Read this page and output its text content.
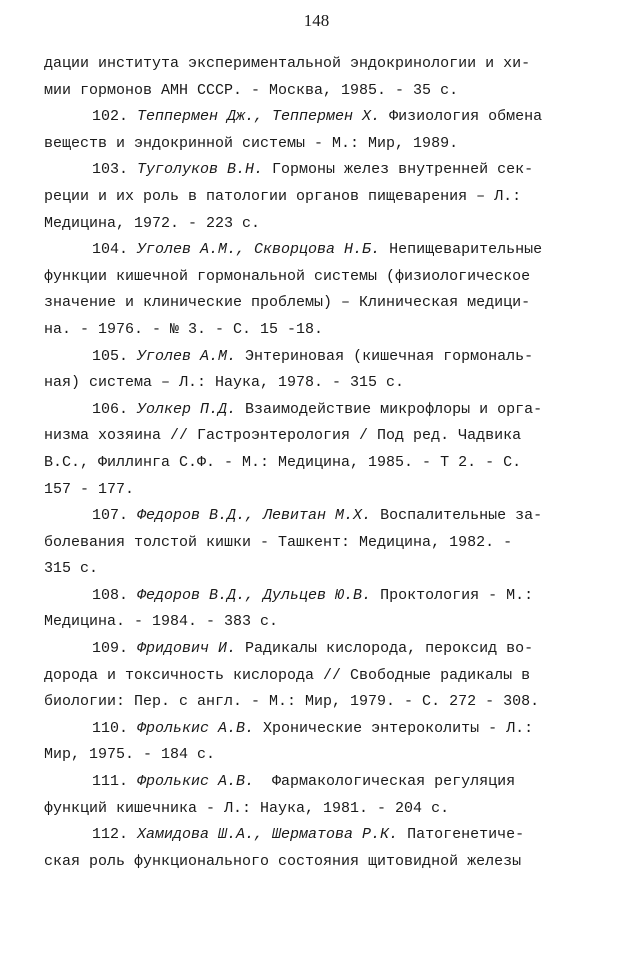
148
дации института экспериментальной эндокринологии и хи-
мии гормонов АМН СССР. - Москва, 1985. - 35 с.
102. Теппермен Дж., Теппермен Х. Физиология обмена
веществ и эндокринной системы - М.: Мир, 1989.
103. Туголуков В.Н. Гормоны желез внутренней сек-
реции и их роль в патологии органов пищеварения – Л.:
Медицина, 1972. - 223 с.
104. Уголев А.М., Скворцова Н.Б. Непищеварительные
функции кишечной гормональной системы (физиологическое
значение и клинические проблемы) – Клиническая медици-
на. - 1976. - № 3. - С. 15 -18.
105. Уголев А.М. Энтериновая (кишечная гормональ-
ная) система – Л.: Наука, 1978. - 315 с.
106. Уолкер П.Д. Взаимодействие микрофлоры и орга-
низма хозяина // Гастроэнтерология / Под ред. Чадвика
В.С., Филлинга С.Ф. - М.: Медицина, 1985. - Т 2. - С.
157 - 177.
107. Федоров В.Д., Левитан М.Х. Воспалительные за-
болевания толстой кишки - Ташкент: Медицина, 1982. -
315 с.
108. Федоров В.Д., Дульцев Ю.В. Проктология - М.:
Медицина. - 1984. - 383 с.
109. Фридович И. Радикалы кислорода, пероксид во-
дорода и токсичность кислорода // Свободные радикалы в
биологии: Пер. с англ. - М.: Мир, 1979. - С. 272 - 308.
110. Фролькис А.В. Хронические энтероколиты - Л.:
Мир, 1975. - 184 с.
111. Фролькис А.В.  Фармакологическая регуляция
функций кишечника - Л.: Наука, 1981. - 204 с.
112. Хамидова Ш.А., Шерматова Р.К. Патогенетиче-
ская роль функционального состояния щитовидной железы
